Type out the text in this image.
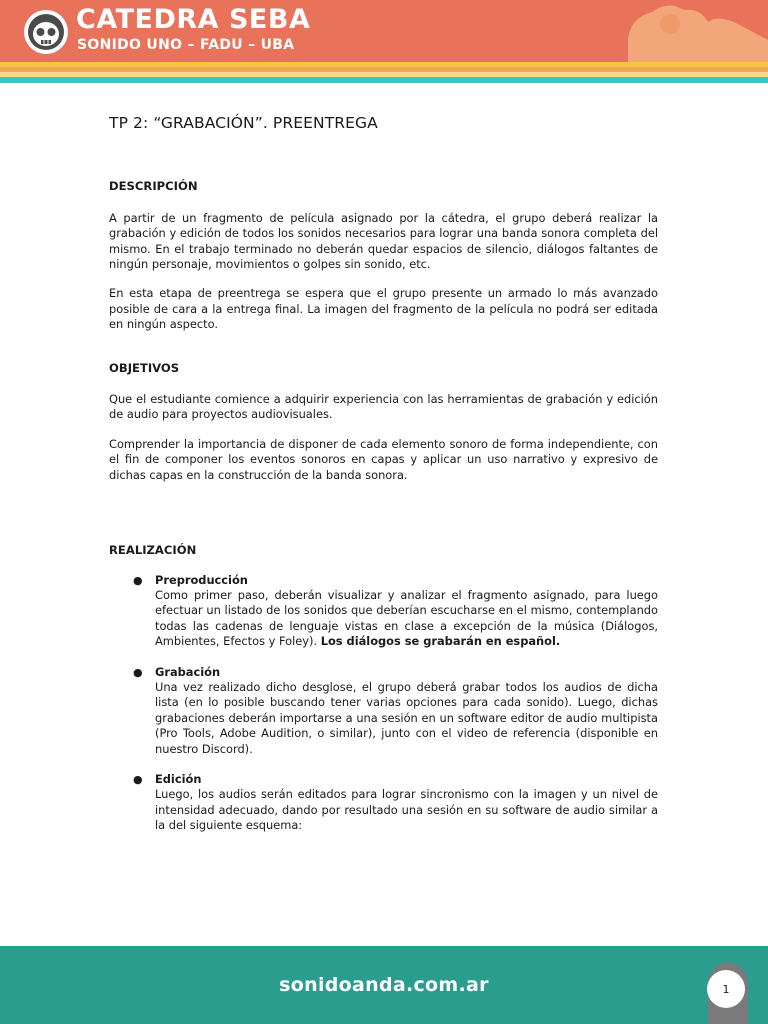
CATEDRA SEBA
SONIDO UNO – FADU – UBA
TP 2: “GRABACIÓN”. PREENTREGA
DESCRIPCIÓN

A partir de un fragmento de película asignado por la cátedra, el grupo deberá realizar la grabación y edición de todos los sonidos necesarios para lograr una banda sonora completa del mismo. En el trabajo terminado no deberán quedar espacios de silencio, diálogos faltantes de ningún personaje, movimientos o golpes sin sonido, etc.

En esta etapa de preentrega se espera que el grupo presente un armado lo más avanzado posible de cara a la entrega final. La imagen del fragmento de la película no podrá ser editada en ningún aspecto.

OBJETIVOS

Que el estudiante comience a adquirir experiencia con las herramientas de grabación y edición de audio para proyectos audiovisuales.

Comprender la importancia de disponer de cada elemento sonoro de forma independiente, con el fin de componer los eventos sonoros en capas y aplicar un uso narrativo y expresivo de dichas capas en la construcción de la banda sonora.

REALIZACIÓN
● Preproducción
Como primer paso, deberán visualizar y analizar el fragmento asignado, para luego efectuar un listado de los sonidos que deberían escucharse en el mismo, contemplando todas las cadenas de lenguaje vistas en clase a excepción de la música (Diálogos, Ambientes, Efectos y Foley). Los diálogos se grabarán en español.
● Grabación
Una vez realizado dicho desglose, el grupo deberá grabar todos los audios de dicha lista (en lo posible buscando tener varias opciones para cada sonido). Luego, dichas grabaciones deberán importarse a una sesión en un software editor de audio multipista (Pro Tools, Adobe Audition, o similar), junto con el video de referencia (disponible en nuestro Discord).
● Edición
Luego, los audios serán editados para lograr sincronismo con la imagen y un nivel de intensidad adecuado, dando por resultado una sesión en su software de audio similar a la del siguiente esquema:
sonidoanda.com.ar	1
